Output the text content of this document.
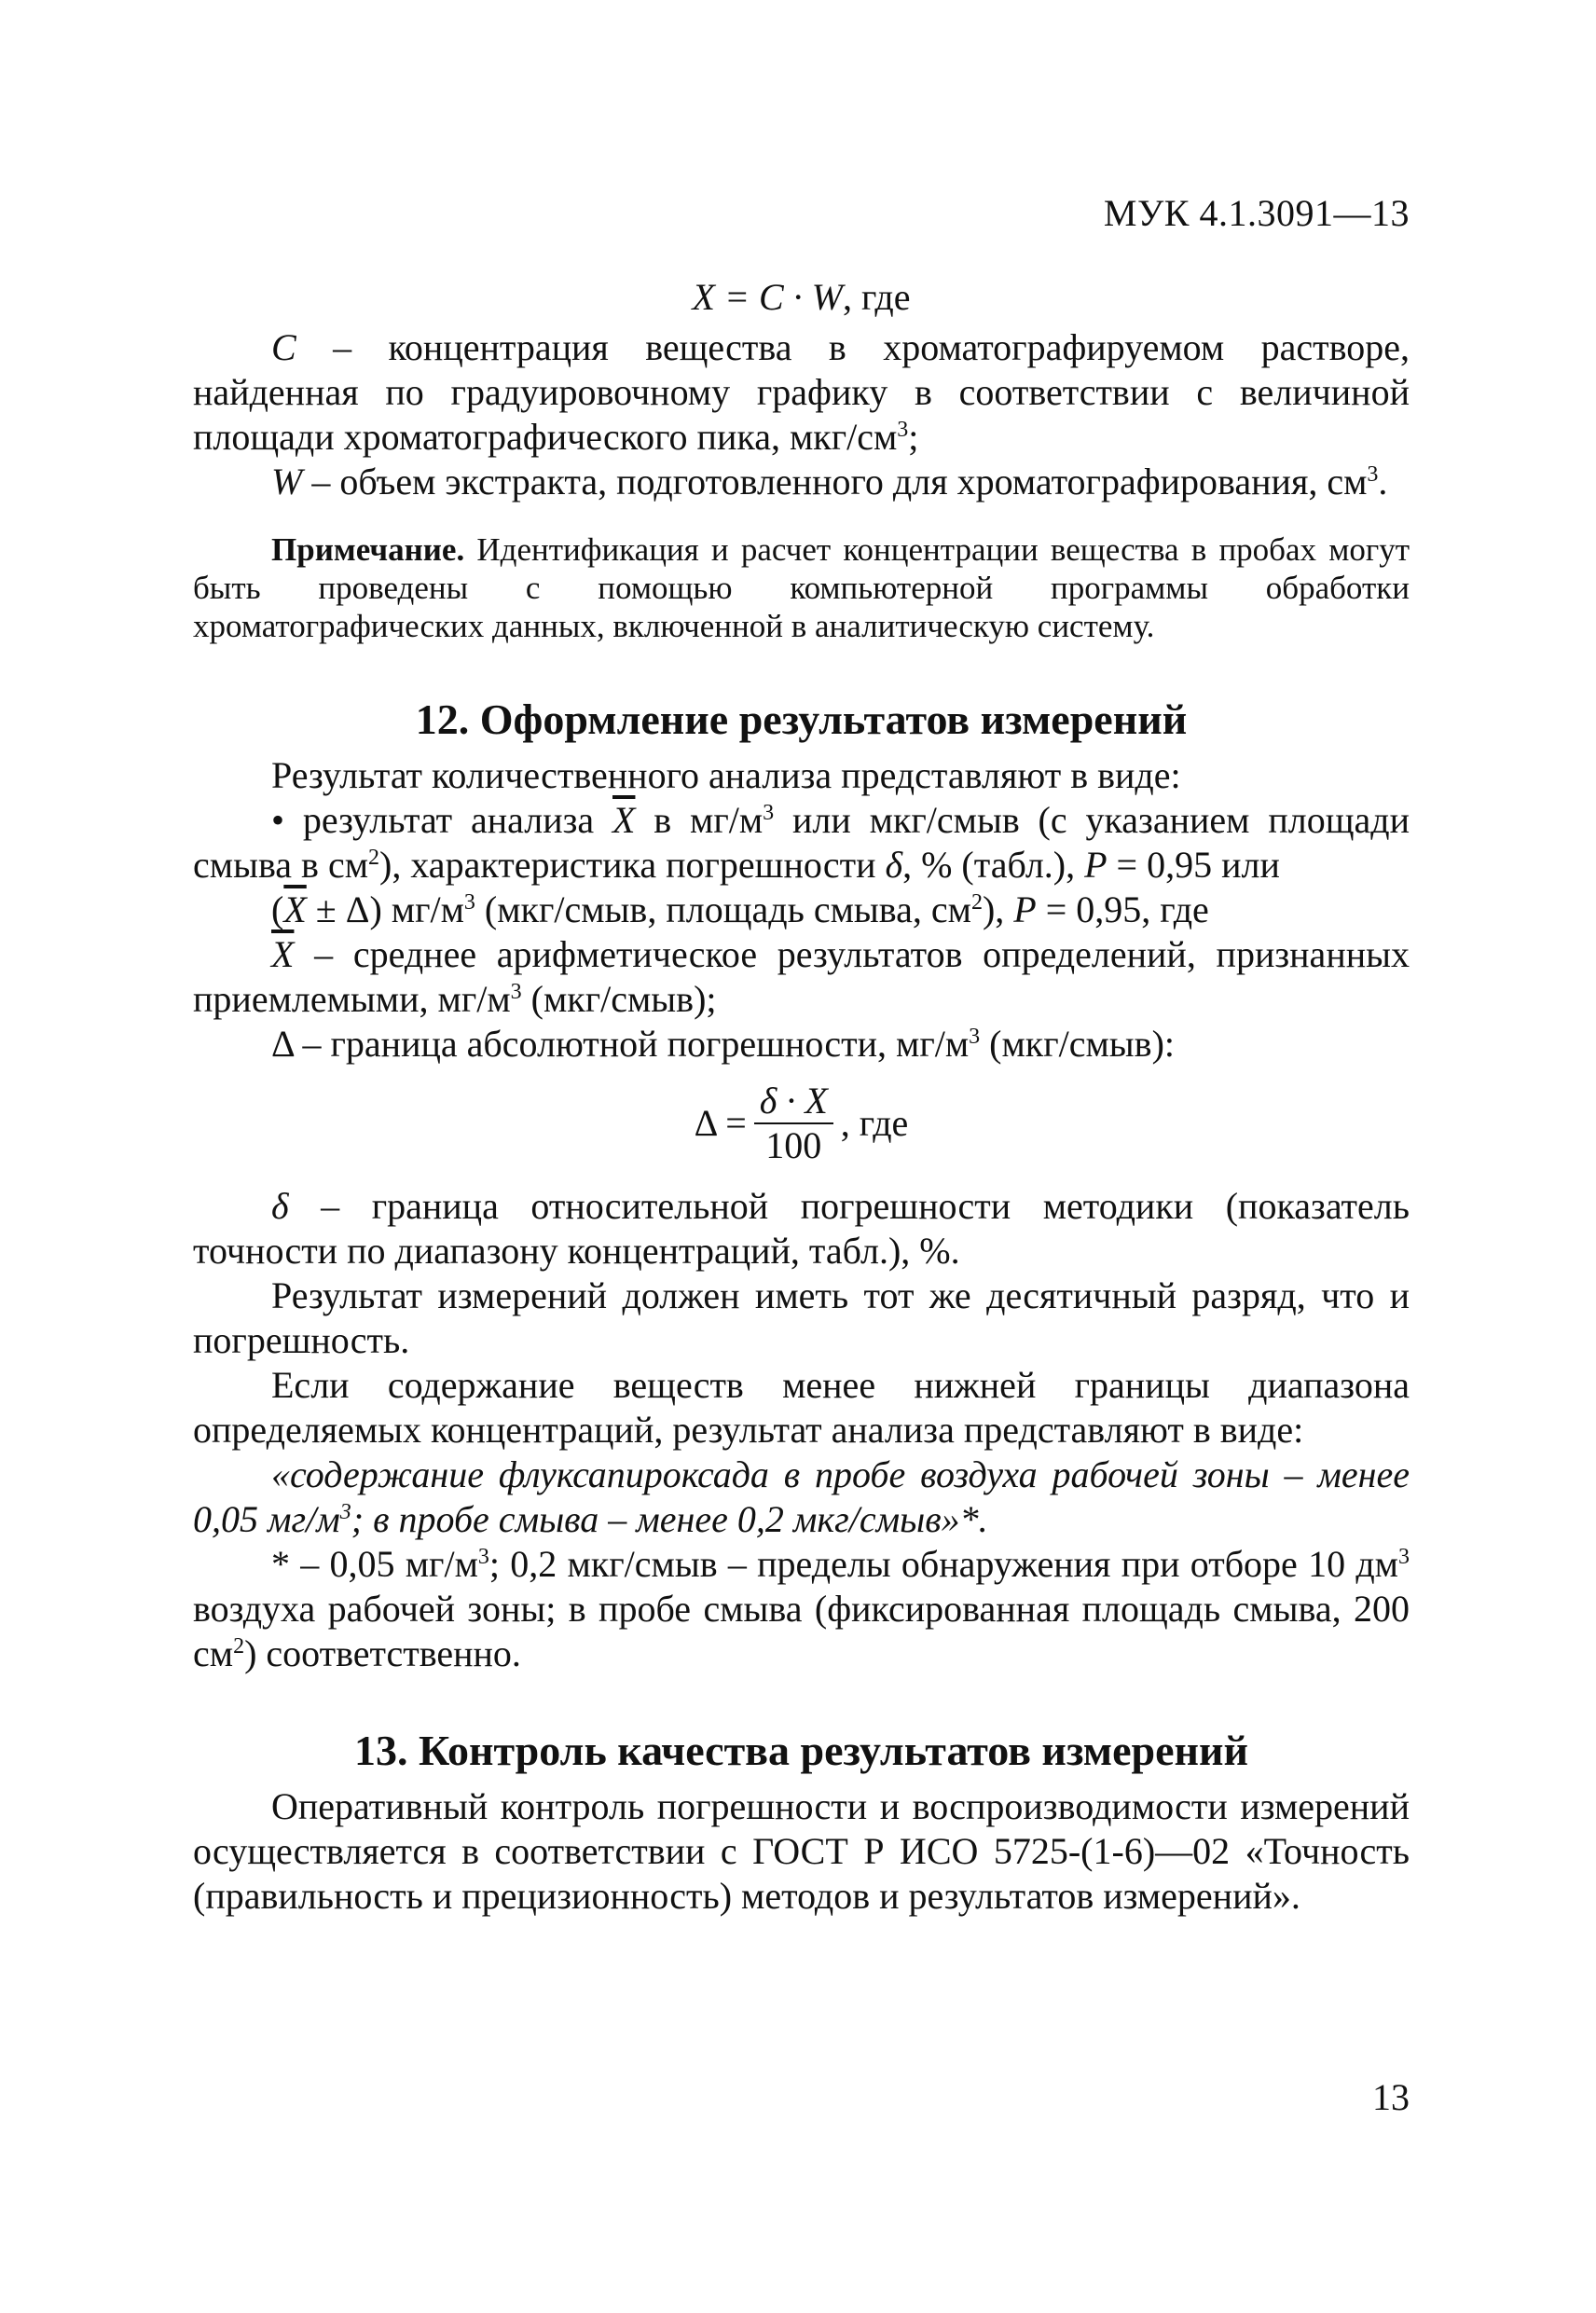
МУК 4.1.3091—13

X = C · W, где

C – концентрация вещества в хроматографируемом растворе, найденная по градуировочному графику в соответствии с величиной площади хроматографического пика, мкг/$см^3$;

W – объем экстракта, подготовленного для хроматографирования, $см^3$.

Примечание. Идентификация и расчет концентрации вещества в пробах могут быть проведены с помощью компьютерной программы обработки хроматографических данных, включенной в аналитическую систему.

12. Оформление результатов измерений

Результат количественного анализа представляют в виде:

• результат анализа $\overline{X}$ в $мг/м^3$ или мкг/смыв (с указанием площади смыва в $см^2$), характеристика погрешности δ, % (табл.), P = 0,95 или

$(\overline{X} \pm \Delta)$ $мг/м^3$ (мкг/смыв, площадь смыва, $см^2$), P = 0,95, где

$\overline{X}$ – среднее арифметическое результатов определений, признанных приемлемыми, $мг/м^3$ (мкг/смыв);

Δ – граница абсолютной погрешности, $мг/м^3$ (мкг/смыв):

$\Delta = \frac{\delta \cdot X}{100}$ , где

δ – граница относительной погрешности методики (показатель точности по диапазону концентраций, табл.), %.

Результат измерений должен иметь тот же десятичный разряд, что и погрешность.

Если содержание веществ менее нижней границы диапазона определяемых концентраций, результат анализа представляют в виде:

«содержание флуксапироксада в пробе воздуха рабочей зоны – менее 0,05 $мг/м^3$; в пробе смыва – менее 0,2 мкг/смыв»*.

* – 0,05 $мг/м^3$; 0,2 мкг/смыв – пределы обнаружения при отборе 10 $дм^3$ воздуха рабочей зоны; в пробе смыва (фиксированная площадь смыва, 200 $см^2$) соответственно.

13. Контроль качества результатов измерений

Оперативный контроль погрешности и воспроизводимости измерений осуществляется в соответствии с ГОСТ Р ИСО 5725-(1-6)—02 «Точность (правильность и прецизионность) методов и результатов измерений».

13
